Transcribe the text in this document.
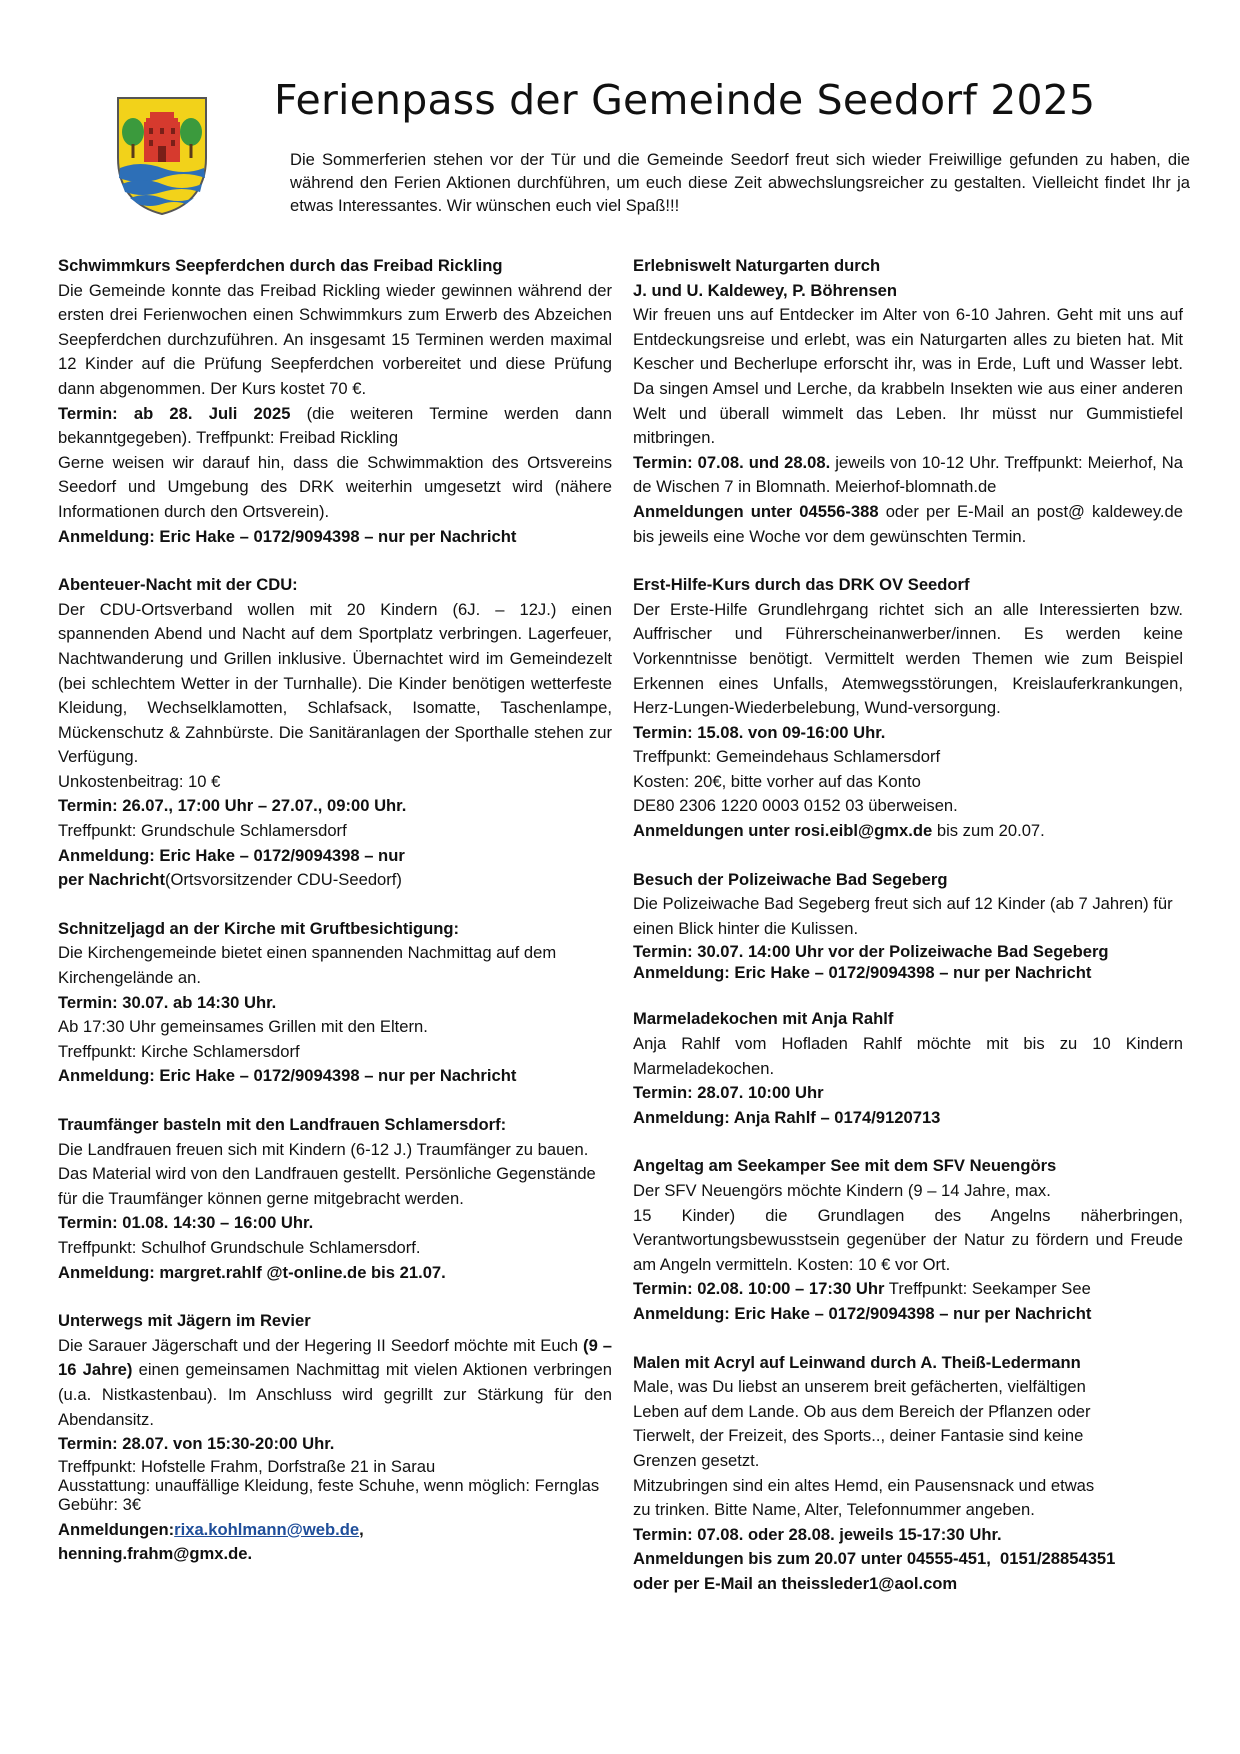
Ferienpass der Gemeinde Seedorf 2025

Die Sommerferien stehen vor der Tür und die Gemeinde Seedorf freut sich wieder Freiwillige gefunden zu haben, die während den Ferien Aktionen durchführen, um euch diese Zeit abwechslungsreicher zu gestalten. Vielleicht findet Ihr ja etwas Interessantes. Wir wünschen euch viel Spaß!!!

Schwimmkurs Seepferdchen durch das Freibad Rickling

Die Gemeinde konnte das Freibad Rickling wieder gewinnen während der ersten drei Ferienwochen einen Schwimmkurs zum Erwerb des Abzeichen Seepferdchen durchzuführen. An insgesamt 15 Terminen werden maximal 12 Kinder auf die Prüfung Seepferdchen vorbereitet und diese Prüfung dann abgenommen. Der Kurs kostet 70 €.

Termin: ab 28. Juli 2025 (die weiteren Termine werden dann bekanntgegeben). Treffpunkt: Freibad Rickling

Gerne weisen wir darauf hin, dass die Schwimmaktion des Ortsvereins Seedorf und Umgebung des DRK weiterhin umgesetzt wird (nähere Informationen durch den Ortsverein).

Anmeldung: Eric Hake – 0172/9094398 – nur per Nachricht

Abenteuer-Nacht mit der CDU:

Der CDU-Ortsverband wollen mit 20 Kindern (6J. – 12J.) einen spannenden Abend und Nacht auf dem Sportplatz verbringen. Lagerfeuer, Nachtwanderung und Grillen inklusive. Übernachtet wird im Gemeindezelt (bei schlechtem Wetter in der Turnhalle). Die Kinder benötigen wetterfeste Kleidung, Wechselklamotten, Schlafsack, Isomatte, Taschenlampe, Mückenschutz & Zahnbürste. Die Sanitäranlagen der Sporthalle stehen zur Verfügung.

Unkostenbeitrag: 10 €

Termin: 26.07., 17:00 Uhr – 27.07., 09:00 Uhr.

Treffpunkt: Grundschule Schlamersdorf

Anmeldung: Eric Hake – 0172/9094398 – nur

per Nachricht(Ortsvorsitzender CDU-Seedorf)

Schnitzeljagd an der Kirche mit Gruftbesichtigung:

Die Kirchengemeinde bietet einen spannenden Nachmittag auf dem Kirchengelände an.

Termin: 30.07. ab 14:30 Uhr.

Ab 17:30 Uhr gemeinsames Grillen mit den Eltern.

Treffpunkt: Kirche Schlamersdorf

Anmeldung: Eric Hake – 0172/9094398 – nur per Nachricht

Traumfänger basteln mit den Landfrauen Schlamersdorf:

Die Landfrauen freuen sich mit Kindern (6-12 J.) Traumfänger zu bauen. Das Material wird von den Landfrauen gestellt. Persönliche Gegenstände für die Traumfänger können gerne mitgebracht werden.

Termin: 01.08. 14:30 – 16:00 Uhr.

Treffpunkt: Schulhof Grundschule Schlamersdorf.

Anmeldung: margret.rahlf @t-online.de bis 21.07.

Unterwegs mit Jägern im Revier

Die Sarauer Jägerschaft und der Hegering II Seedorf möchte mit Euch (9 – 16 Jahre) einen gemeinsamen Nachmittag mit vielen Aktionen verbringen (u.a. Nistkastenbau). Im Anschluss wird gegrillt zur Stärkung für den Abendansitz.

Termin: 28.07. von 15:30-20:00 Uhr.

Treffpunkt: Hofstelle Frahm, Dorfstraße 21 in Sarau

Ausstattung: unauffällige Kleidung, feste Schuhe, wenn möglich: Fernglas

Gebühr: 3€

Anmeldungen:rixa.kohlmann@web.de,

henning.frahm@gmx.de.

Erlebniswelt Naturgarten durch

J. und U. Kaldewey, P. Böhrensen

Wir freuen uns auf Entdecker im Alter von 6-10 Jahren. Geht mit uns auf Entdeckungsreise und erlebt, was ein Naturgarten alles zu bieten hat. Mit Kescher und Becherlupe erforscht ihr, was in Erde, Luft und Wasser lebt. Da singen Amsel und Lerche, da krabbeln Insekten wie aus einer anderen Welt und überall wimmelt das Leben. Ihr müsst nur Gummistiefel mitbringen.

Termin: 07.08. und 28.08. jeweils von 10-12 Uhr. Treffpunkt: Meierhof, Na de Wischen 7 in Blomnath. Meierhof-blomnath.de

Anmeldungen unter 04556-388 oder per E-Mail an post@ kaldewey.de bis jeweils eine Woche vor dem gewünschten Termin.

Erst-Hilfe-Kurs durch das DRK OV Seedorf

Der Erste-Hilfe Grundlehrgang richtet sich an alle Interessierten bzw. Auffrischer und Führerscheinanwerber/innen. Es werden keine Vorkenntnisse benötigt. Vermittelt werden Themen wie zum Beispiel Erkennen eines Unfalls, Atemwegsstörungen, Kreislauferkrankungen, Herz-Lungen-Wiederbelebung, Wund-versorgung.

Termin: 15.08. von 09-16:00 Uhr.

Treffpunkt: Gemeindehaus Schlamersdorf

Kosten: 20€, bitte vorher auf das Konto

DE80 2306 1220 0003 0152 03 überweisen.

Anmeldungen unter rosi.eibl@gmx.de bis zum 20.07.

Besuch der Polizeiwache Bad Segeberg

Die Polizeiwache Bad Segeberg freut sich auf 12 Kinder (ab 7 Jahren) für einen Blick hinter die Kulissen.

Termin: 30.07. 14:00 Uhr vor der Polizeiwache Bad Segeberg

Anmeldung: Eric Hake – 0172/9094398 – nur per Nachricht

Marmeladekochen mit Anja Rahlf

Anja Rahlf vom Hofladen Rahlf möchte mit bis zu 10 Kindern Marmeladekochen.

Termin: 28.07. 10:00 Uhr

Anmeldung: Anja Rahlf – 0174/9120713

Angeltag am Seekamper See mit dem SFV Neuengörs

Der SFV Neuengörs möchte Kindern (9 – 14 Jahre, max.

15 Kinder) die Grundlagen des Angelns näherbringen, Verantwortungsbewusstsein gegenüber der Natur zu fördern und Freude am Angeln vermitteln. Kosten: 10 € vor Ort.

Termin: 02.08. 10:00 – 17:30 Uhr Treffpunkt: Seekamper See

Anmeldung: Eric Hake – 0172/9094398 – nur per Nachricht

Malen mit Acryl auf Leinwand durch A. Theiß-Ledermann

Male, was Du liebst an unserem breit gefächerten, vielfältigen

Leben auf dem Lande. Ob aus dem Bereich der Pflanzen oder

Tierwelt, der Freizeit, des Sports.., deiner Fantasie sind keine

Grenzen gesetzt.

Mitzubringen sind ein altes Hemd, ein Pausensnack und etwas

zu trinken. Bitte Name, Alter, Telefonnummer angeben.

Termin: 07.08. oder 28.08. jeweils 15-17:30 Uhr.

Anmeldungen bis zum 20.07 unter 04555-451,  0151/28854351

oder per E-Mail an theissleder1@aol.com
